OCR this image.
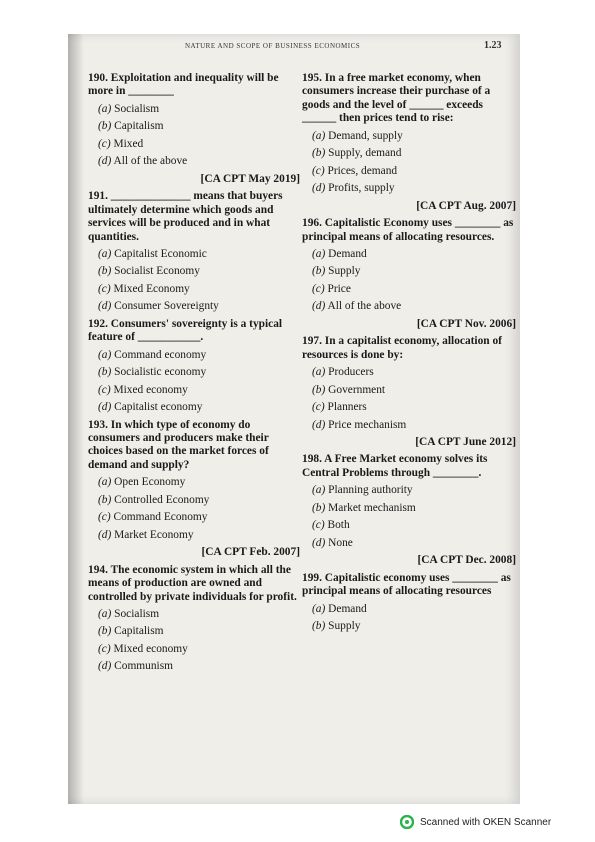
NATURE AND SCOPE OF BUSINESS ECONOMICS	1.23
190. Exploitation and inequality will be more in ________
(a) Socialism
(b) Capitalism
(c) Mixed
(d) All of the above
[CA CPT May 2019]
191. ______________ means that buyers ultimately determine which goods and services will be produced and in what quantities.
(a) Capitalist Economic
(b) Socialist Economy
(c) Mixed Economy
(d) Consumer Sovereignty
192. Consumers' sovereignty is a typical feature of ___________.
(a) Command economy
(b) Socialistic economy
(c) Mixed economy
(d) Capitalist economy
193. In which type of economy do consumers and producers make their choices based on the market forces of demand and supply?
(a) Open Economy
(b) Controlled Economy
(c) Command Economy
(d) Market Economy
[CA CPT Feb. 2007]
194. The economic system in which all the means of production are owned and controlled by private individuals for profit.
(a) Socialism
(b) Capitalism
(c) Mixed economy
(d) Communism
195. In a free market economy, when consumers increase their purchase of a goods and the level of ______ exceeds ______ then prices tend to rise:
(a) Demand, supply
(b) Supply, demand
(c) Prices, demand
(d) Profits, supply
[CA CPT Aug. 2007]
196. Capitalistic Economy uses ________ as principal means of allocating resources.
(a) Demand
(b) Supply
(c) Price
(d) All of the above
[CA CPT Nov. 2006]
197. In a capitalist economy, allocation of resources is done by:
(a) Producers
(b) Government
(c) Planners
(d) Price mechanism
[CA CPT June 2012]
198. A Free Market economy solves its Central Problems through ________.
(a) Planning authority
(b) Market mechanism
(c) Both
(d) None
[CA CPT Dec. 2008]
199. Capitalistic economy uses ________ as principal means of allocating resources
(a) Demand
(b) Supply
Scanned with OKEN Scanner
